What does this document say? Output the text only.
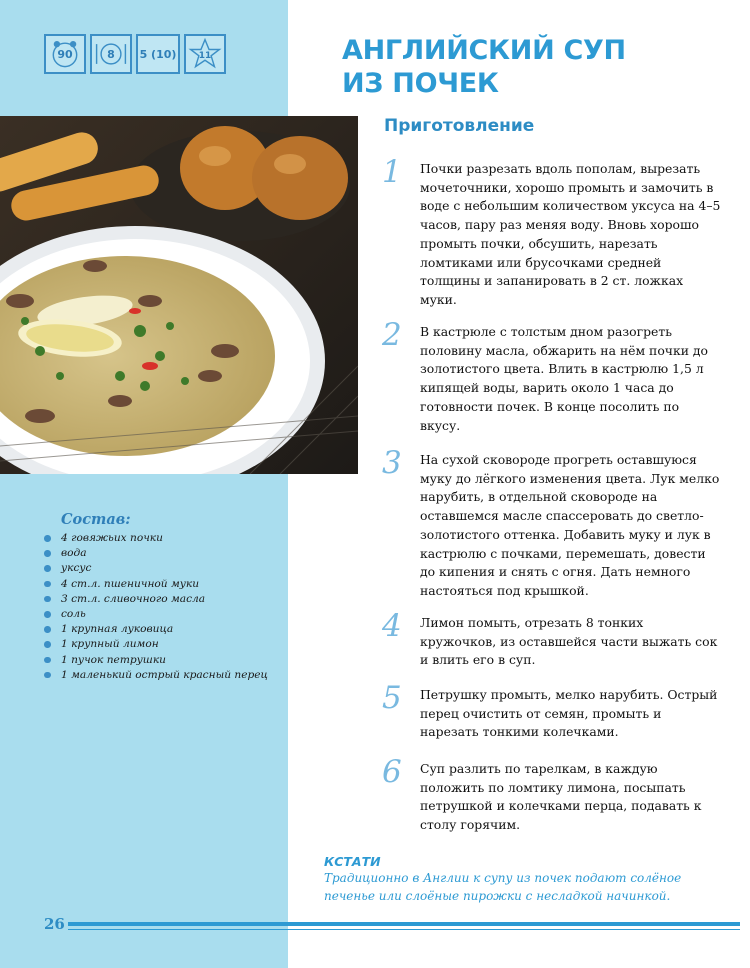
90	8 5 (10) 11
Состав:
4 говяжьих почки
вода
уксус
4 ст.л. пшеничной муки
3 ст.л. сливочного масла
соль
1 крупная луковица
1 крупный лимон
1 пучок петрушки
1 маленький острый красный перец
АНГЛИЙСКИЙ СУП
ИЗ ПОЧЕК
Приготовление
1	Почки разрезать вдоль пополам, вырезать мочеточники, хорошо промыть и замочить в воде с небольшим количеством уксуса на 4–5 часов, пару раз меняя воду. Вновь хорошо промыть почки, обсушить, нарезать ломтиками или брусочками средней толщины и запанировать в 2 ст. ложках муки.
2	В кастрюле с толстым дном разогреть половину масла, обжарить на нём почки до золотистого цвета. Влить в кастрюлю 1,5 л кипящей воды, варить около 1 часа до готовности почек. В конце посолить по вкусу.
3	На сухой сковороде прогреть оставшуюся муку до лёгкого изменения цвета. Лук мелко нарубить, в отдельной сковороде на оставшемся масле спассеровать до светло-золотистого оттенка. Добавить муку и лук в кастрюлю с почками, перемешать, довести до кипения и снять с огня. Дать немного настояться под крышкой.
4	Лимон помыть, отрезать 8 тонких кружочков, из оставшейся части выжать сок и влить его в суп.
5	Петрушку промыть, мелко нарубить. Острый перец очистить от семян, промыть и нарезать тонкими колечками.
6	Суп разлить по тарелкам, в каждую положить по ломтику лимона, посыпать петрушкой и колечками перца, подавать к столу горячим.
КСТАТИ
Традиционно в Англии к супу из почек подают солёное печенье или слоёные пирожки с несладкой начинкой.
26
